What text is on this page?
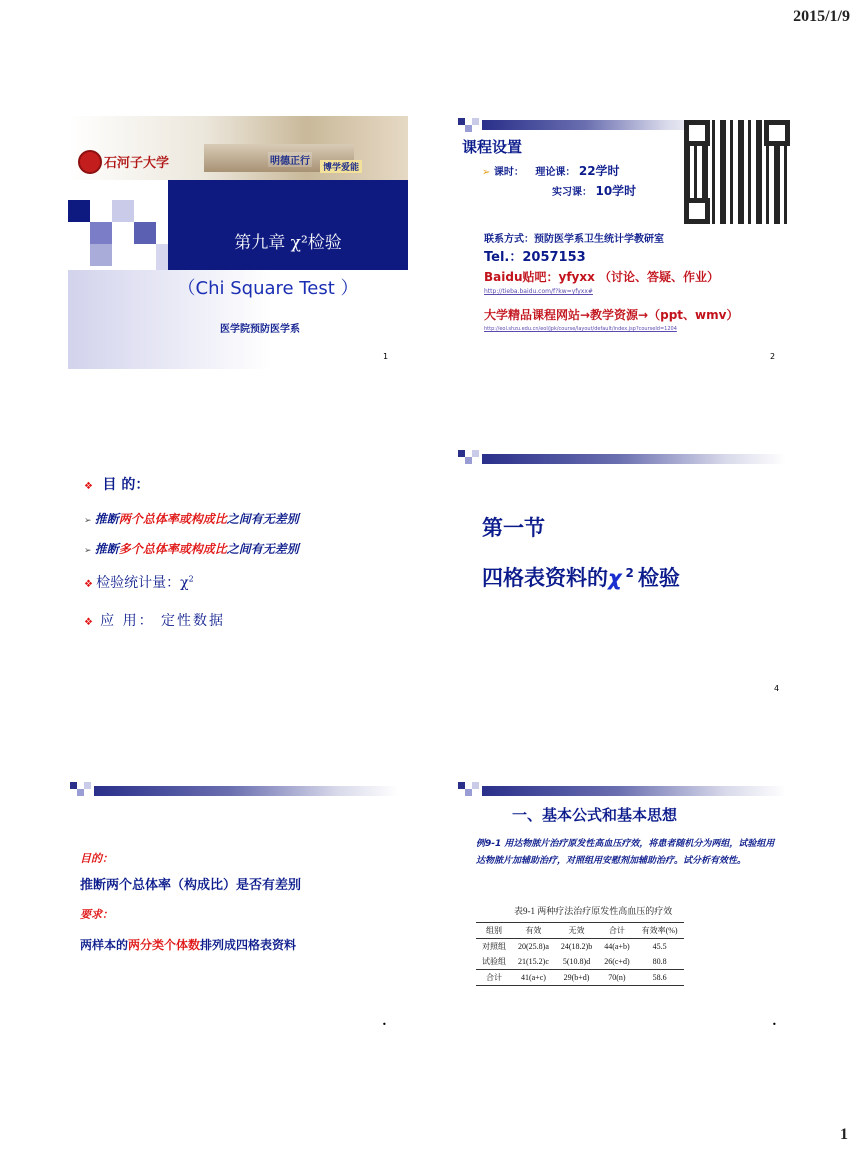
2015/1/9
石河子大学	明德正行
博学爱能
第九章 χ²检验
（Chi Square Test ）
医学院预防医学系
1
课程设置
➢ 课时： 理论课： 22学时
实习课： 10学时
联系方式：预防医学系卫生统计学教研室
Tel.：2057153
Baidu贴吧：yfyxx （讨论、答疑、作业）
http://tieba.baidu.com/f?kw=yfyxx#
大学精品课程网站→教学资源→（ppt、wmv）
http://eol.shzu.edu.cn/eol/jpk/course/layout/default/index.jsp?courseId=1204
2
❖ 目 的：
➢ 推断两个总体率或构成比之间有无差别
➢ 推断多个总体率或构成比之间有无差别
❖ 检验统计量：$\chi^2$
❖ 应 用： 定性数据
第一节
四格表资料的χ $^2$ 检验
4
目的：
推断两个总体率（构成比）是否有差别
要求：
两样本的两分类个体数排列成四格表资料
•
一、基本公式和基本思想
例9-1 用达物脓片治疗原发性高血压疗效，将患者随机分为两组，试验组用达物脓片加辅助治疗，对照组用安慰剂加辅助治疗。试分析有效性。
表9-1 两种疗法治疗原发性高血压的疗效
组别	有效	无效	合计	有效率(%)
对照组	20(25.8)a	24(18.2)b	44(a+b)	45.5
试验组	21(15.2)c	5(10.8)d	26(c+d)	80.8
合计	41(a+c)	29(b+d)	70(n)	58.6
•
1
